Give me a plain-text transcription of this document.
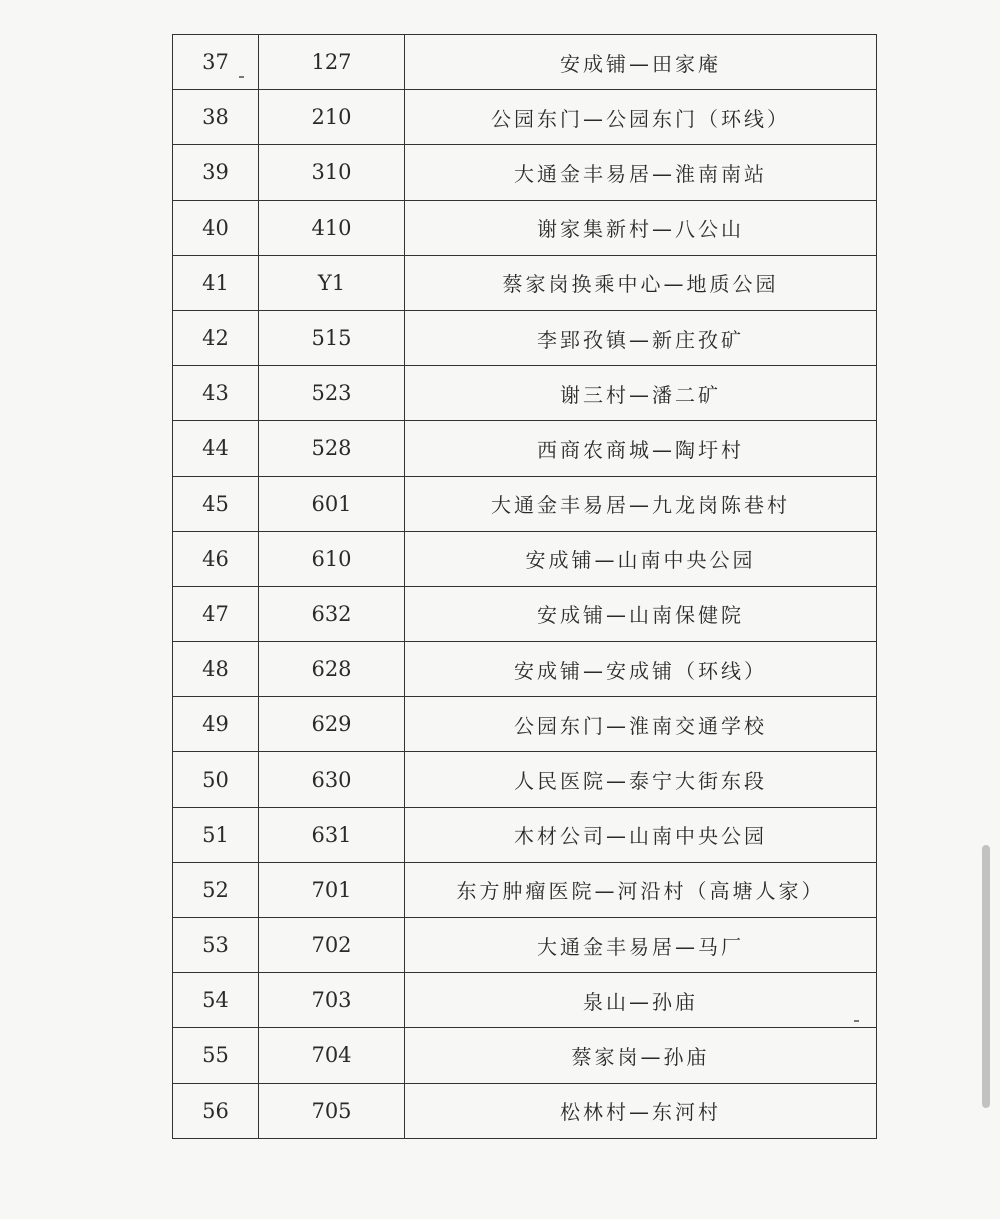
37	127	安成铺—田家庵
38	210	公园东门—公园东门（环线）
39	310	大通金丰易居—淮南南站
40	410	谢家集新村—八公山
41	Y1	蔡家岗换乘中心—地质公园
42	515	李郢孜镇—新庄孜矿
43	523	谢三村—潘二矿
44	528	西商农商城—陶圩村
45	601	大通金丰易居—九龙岗陈巷村
46	610	安成铺—山南中央公园
47	632	安成铺—山南保健院
48	628	安成铺—安成铺（环线）
49	629	公园东门—淮南交通学校
50	630	人民医院—泰宁大街东段
51	631	木材公司—山南中央公园
52	701	东方肿瘤医院—河沿村（高塘人家）
53	702	大通金丰易居—马厂
54	703	泉山—孙庙
55	704	蔡家岗—孙庙
56	705	松林村—东河村
